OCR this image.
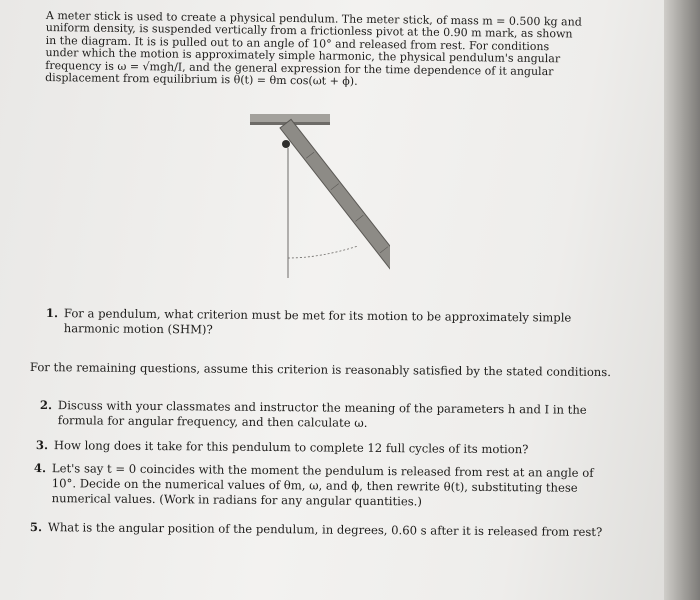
A meter stick is used to create a physical pendulum. The meter stick, of mass m = 0.500 kg and uniform density, is suspended vertically from a frictionless pivot at the 0.90 m mark, as shown in the diagram. It is is pulled out to an angle of 10° and released from rest. For conditions under which the motion is approximately simple harmonic, the physical pendulum's angular frequency is ω = √mgh/I, and the general expression for the time dependence of it angular displacement from equilibrium is θ(t) = θm cos(ωt + ϕ).

1. For a pendulum, what criterion must be met for its motion to be approximately simple harmonic motion (SHM)?

For the remaining questions, assume this criterion is reasonably satisfied by the stated conditions.

2. Discuss with your classmates and instructor the meaning of the parameters h and I in the formula for angular frequency, and then calculate ω.
3. How long does it take for this pendulum to complete 12 full cycles of its motion?
4. Let's say t = 0 coincides with the moment the pendulum is released from rest at an angle of 10°. Decide on the numerical values of θm, ω, and ϕ, then rewrite θ(t), substituting these numerical values. (Work in radians for any angular quantities.)
5. What is the angular position of the pendulum, in degrees, 0.60 s after it is released from rest?
